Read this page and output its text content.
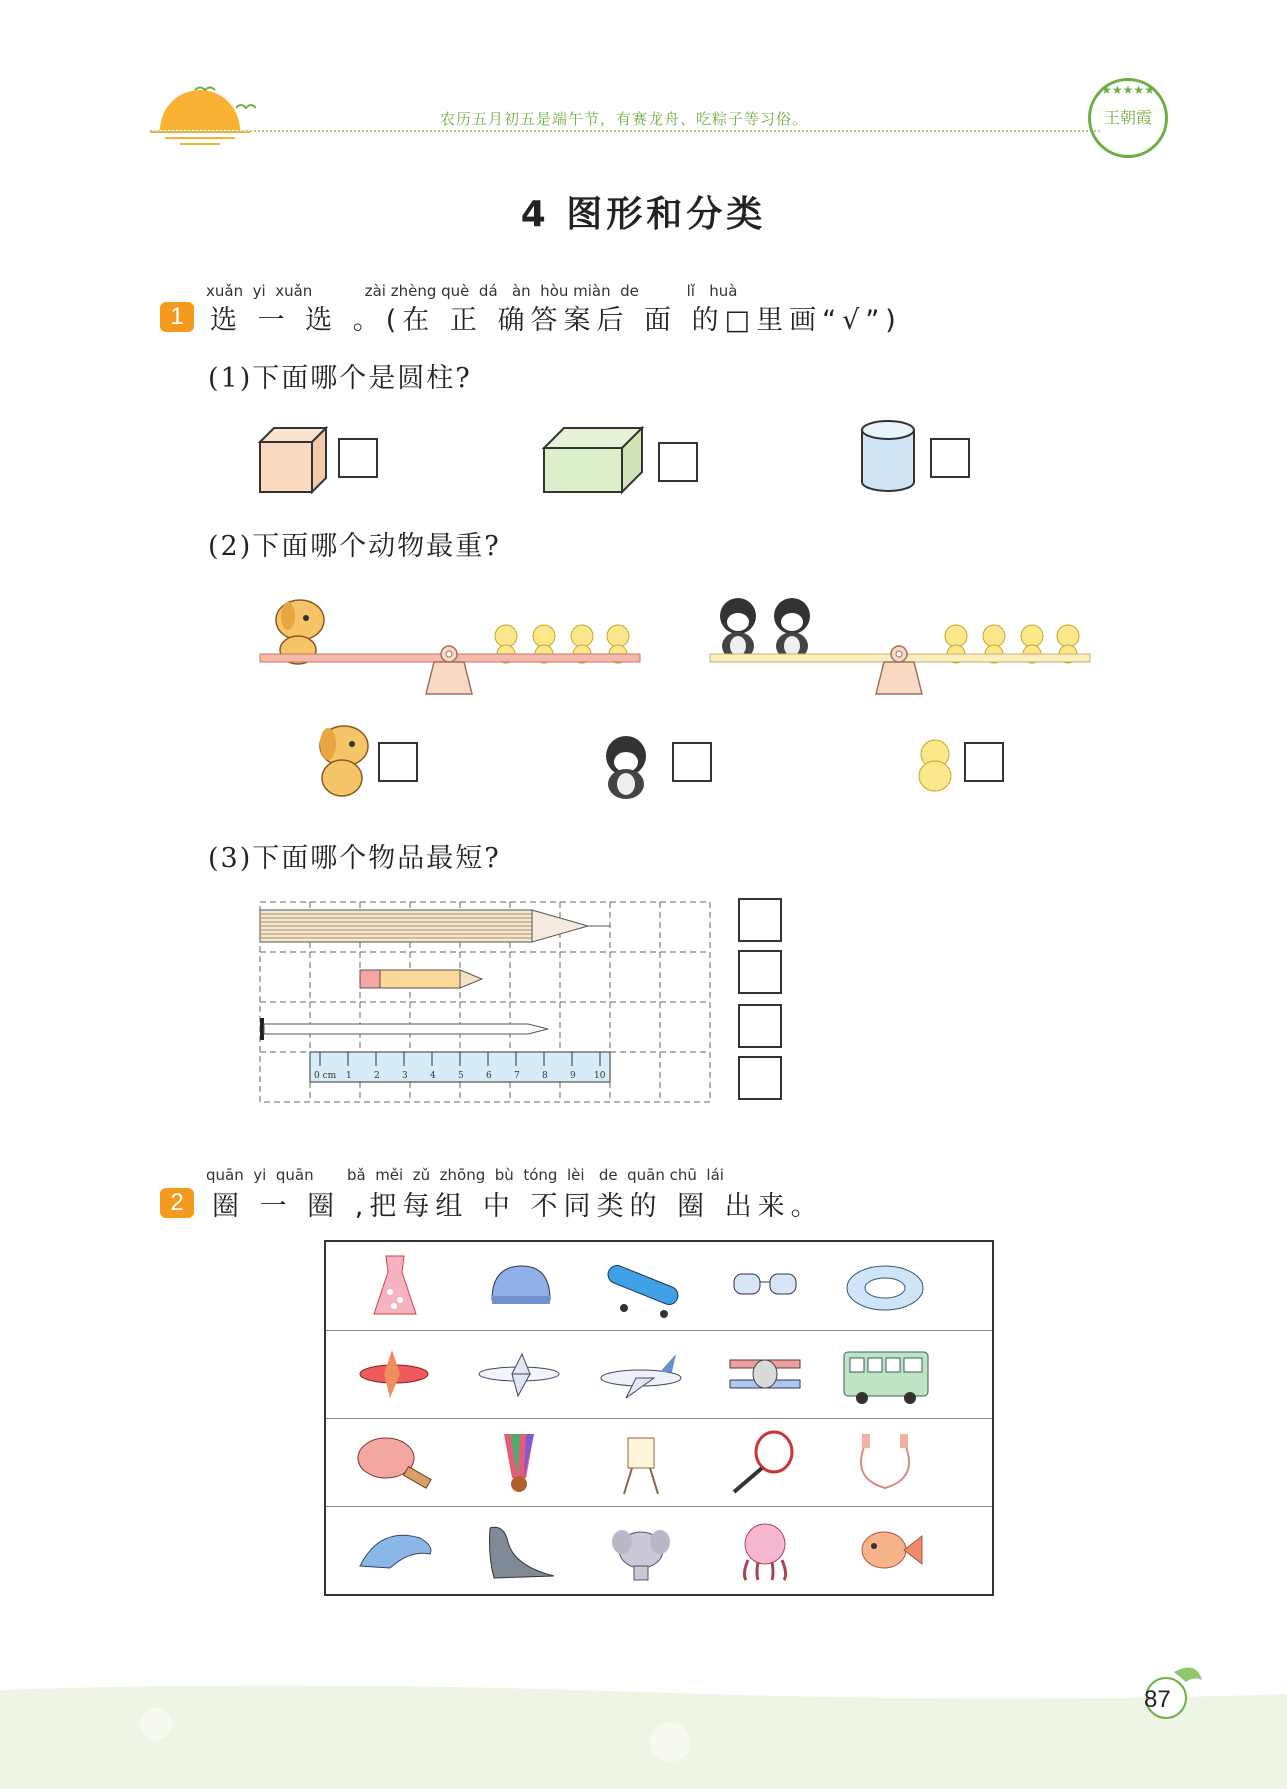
农历五月初五是端午节，有赛龙舟、吃粽子等习俗。
★★★★★
王朝霞
4 图形和分类
xuǎn  yi  xuǎn           zài zhèng què  dá   àn  hòu miàn  de          lǐ   huà
1 选 一 选 。(在 正 确答案后 面 的□里画“√”)
(1)下面哪个是圆柱?
(2)下面哪个动物最重?
(3)下面哪个物品最短?
0 cm 1 2 3 4 5 6 7 8 9 10
quān  yi  quān       bǎ  měi  zǔ  zhōng  bù  tóng  lèi   de  quān chū  lái
2	圈 一 圈 ,把每组 中 不同类的 圈 出来。
87
